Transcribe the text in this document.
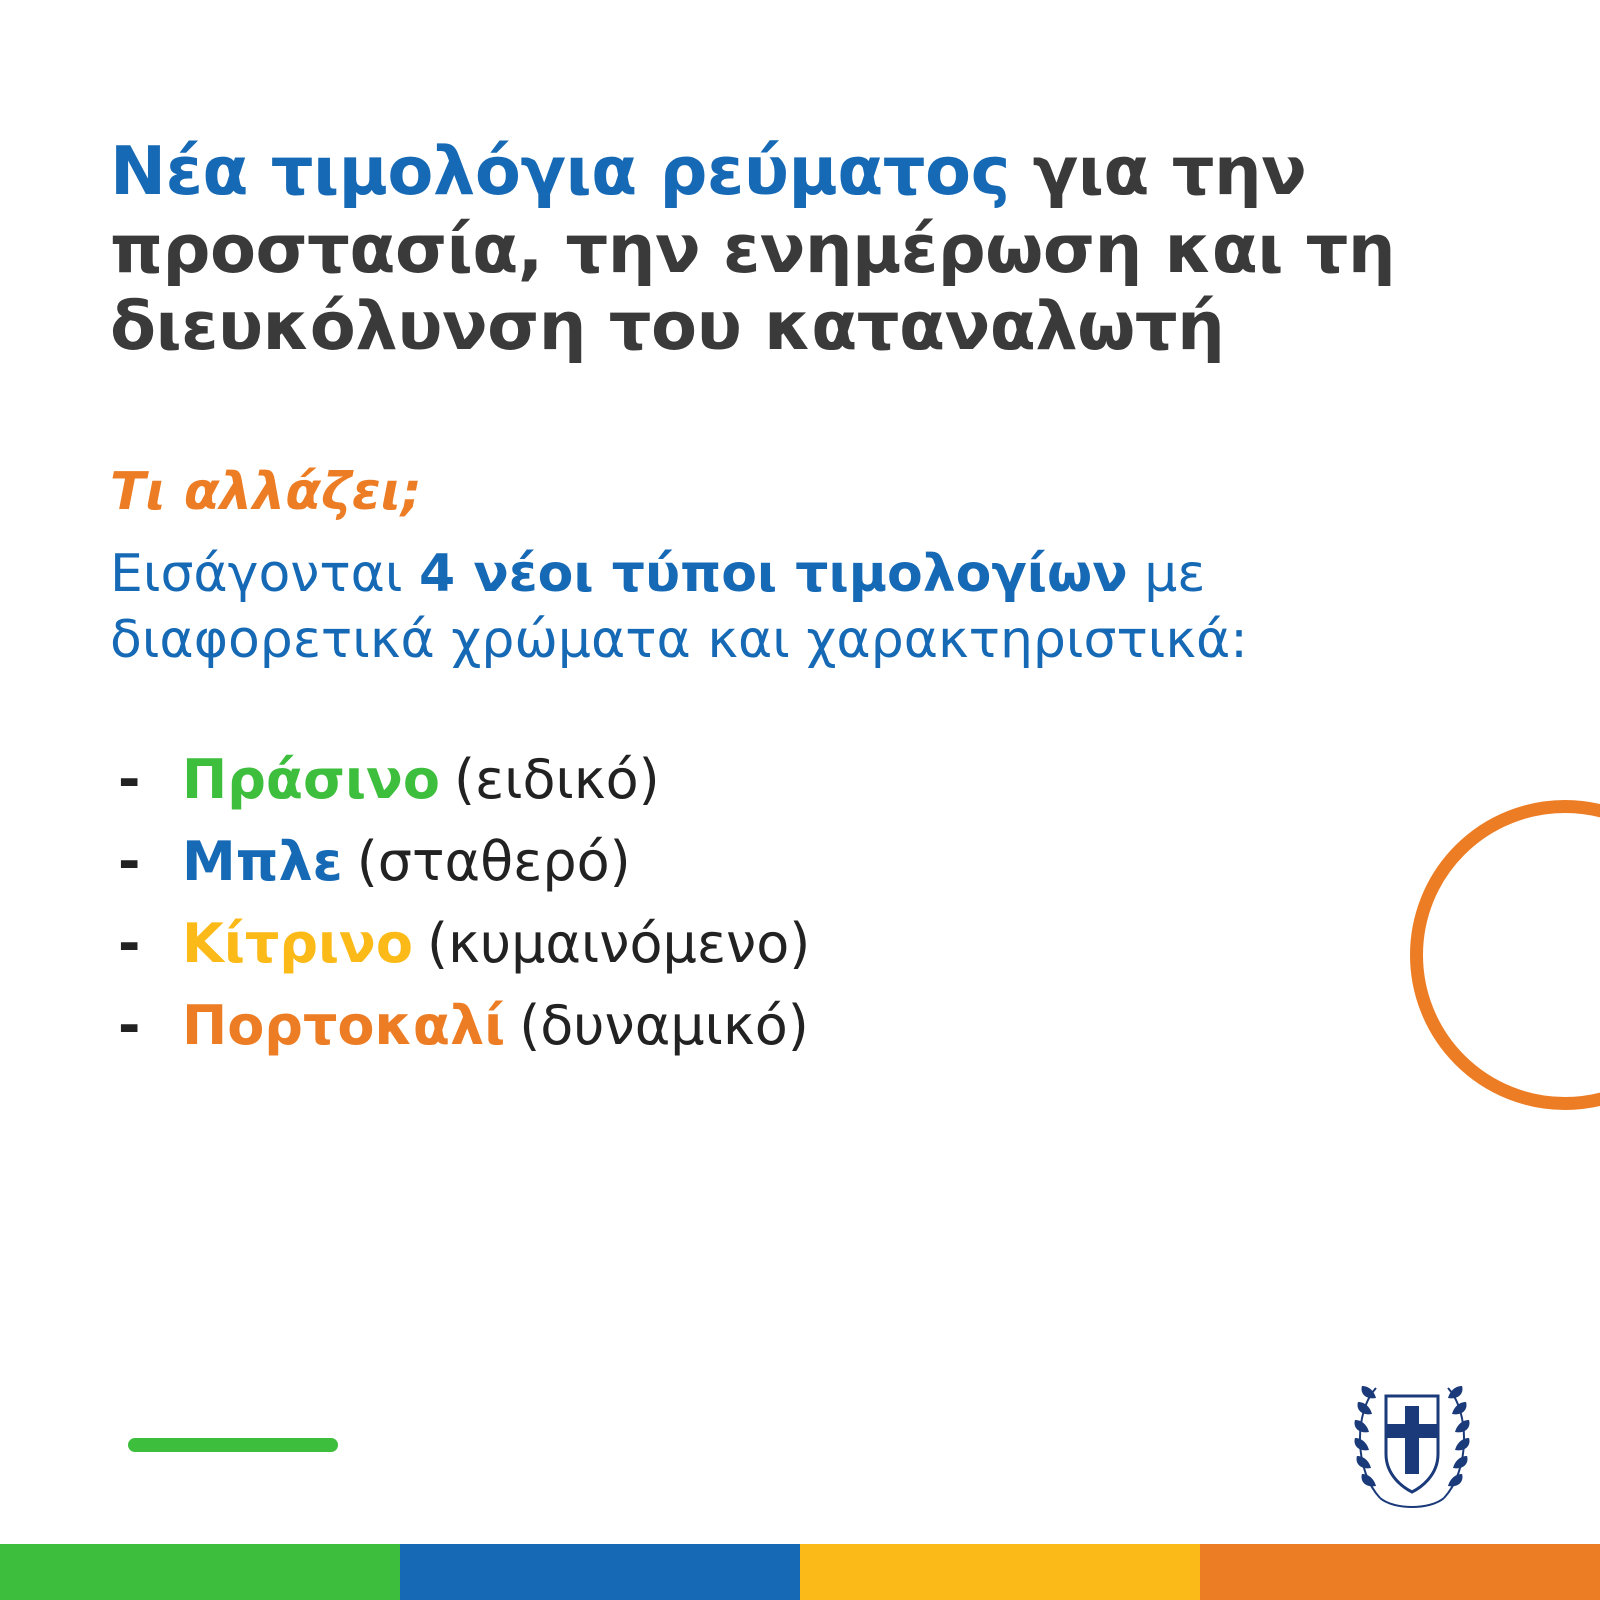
Νέα τιμολόγια ρεύματος για την προστασία, την ενημέρωση και τη διευκόλυνση του καταναλωτή
Τι αλλάζει;

Εισάγονται 4 νέοι τύποι τιμολογίων με διαφορετικά χρώματα και χαρακτηριστικά:

- Πράσινο (ειδικό)
- Μπλε (σταθερό)
- Κίτρινο (κυμαινόμενο)
- Πορτοκαλί (δυναμικό)
